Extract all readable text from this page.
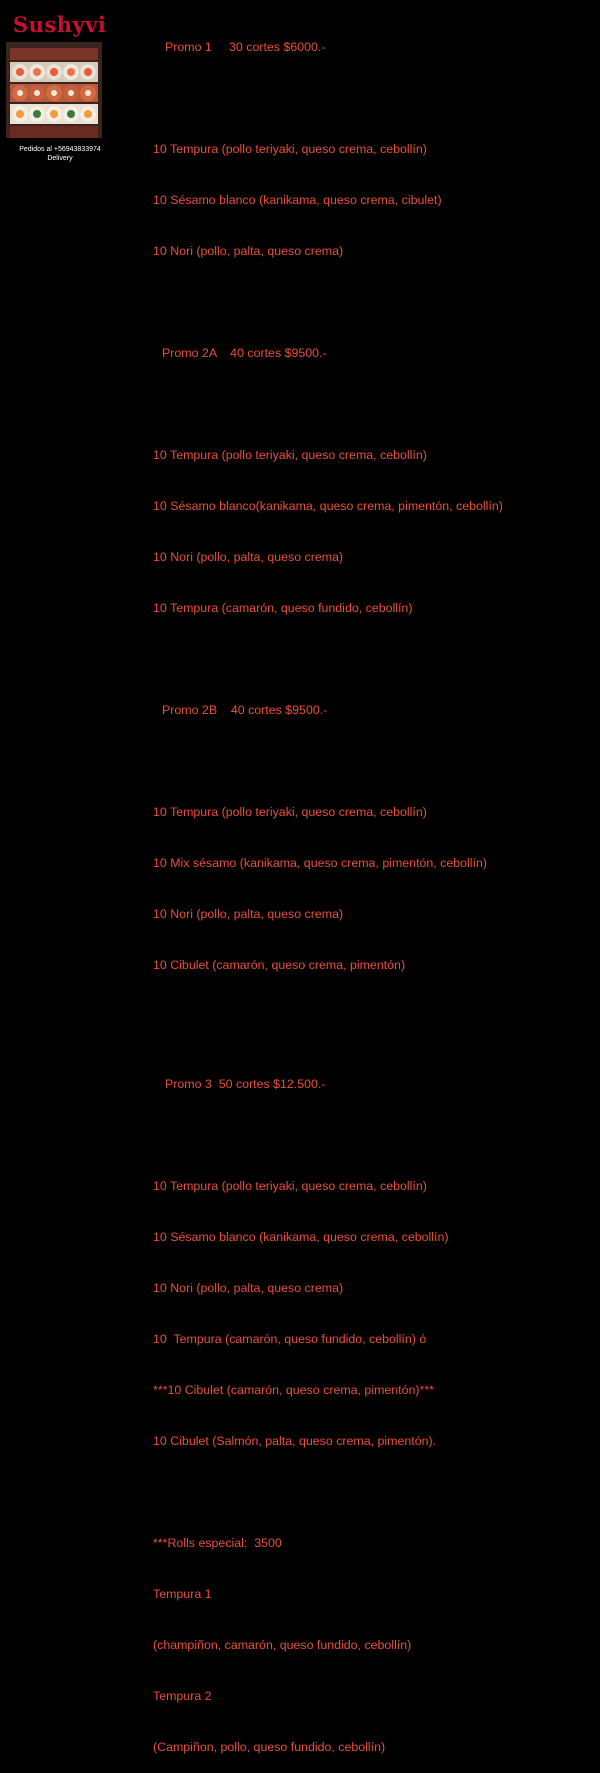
Sushyvi
Pedidos al +56943833974
Delivery

Promo 1     30 cortes $6000.-

10 Tempura (pollo teriyaki, queso crema, cebollín)

10 Sésamo blanco (kanikama, queso crema, cibulet)

10 Nori (pollo, palta, queso crema)

Promo 2A    40 cortes $9500.-

10 Tempura (pollo teriyaki, queso crema, cebollín)

10 Sésamo blanco(kanikama, queso crema, pimentón, cebollín)

10 Nori (pollo, palta, queso crema)

10 Tempura (camarón, queso fundido, cebollín)

Promo 2B    40 cortes $9500.-

10 Tempura (pollo teriyaki, queso crema, cebollín)

10 Mix sésamo (kanikama, queso crema, pimentón, cebollín)

10 Nori (pollo, palta, queso crema)

10 Cibulet (camarón, queso crema, pimentón)

Promo 3  50 cortes $12.500.-

10 Tempura (pollo teriyaki, queso crema, cebollín)

10 Sésamo blanco (kanikama, queso crema, cebollín)

10 Nori (pollo, palta, queso crema)

10  Tempura (camarón, queso fundido, cebollín) ó

***10 Cibulet (camarón, queso crema, pimentón)***

10 Cibulet (Salmón, palta, queso crema, pimentón).

***Rolls especial:  3500

Tempura 1

(champiñon, camarón, queso fundido, cebollín)

Tempura 2

(Campiñon, pollo, queso fundido, cebollín)
